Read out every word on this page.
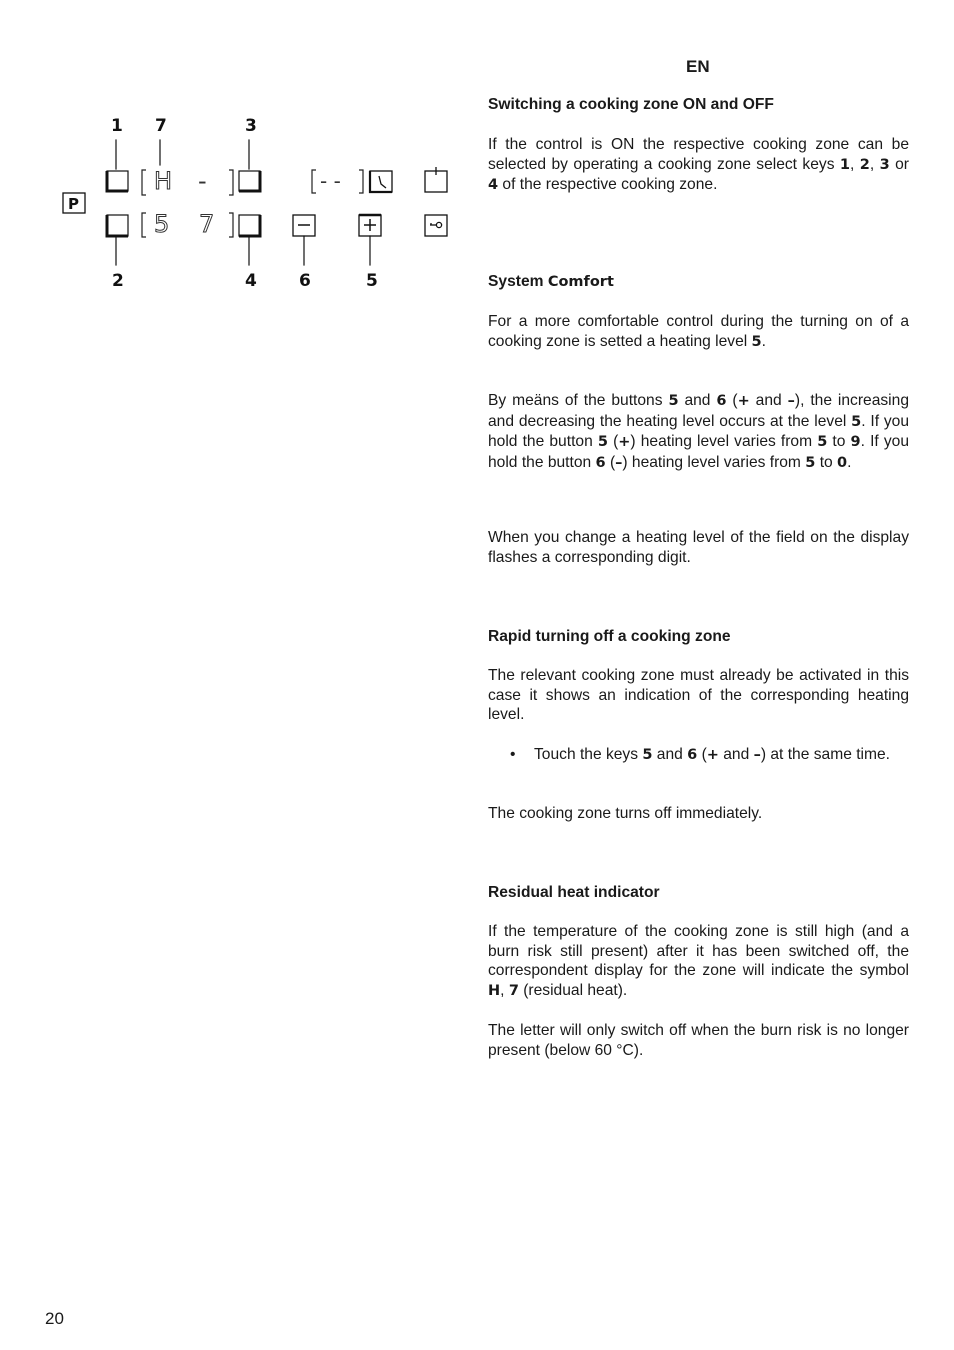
EN
H -	- -
P
5 7
1 7	3
2	4 6	5

Switching a cooking zone ON and OFF

If the control is ON the respective cooking zone can be selected by operating a cooking zone select keys 1, 2, 3 or 4 of the respective cooking zone.

System Comfort

For a more comfortable control during the turning on of a cooking zone is setted a heating level 5.

By meäns of the buttons 5 and 6 (+ and –), the increasing and decreasing the heating level occurs at the level 5. If you hold the button 5 (+) heating level varies from 5 to 9. If you hold the button 6 (–) heating level varies from 5 to 0.

When you change a heating level of the field on the display flashes a corresponding digit.

Rapid turning off a cooking zone

The relevant cooking zone must already be activated in this case it shows an indication of the corresponding heating level.

• Touch the keys 5 and 6 (+ and –) at the same time.

The cooking zone turns off immediately.

Residual heat indicator

If the temperature of the cooking zone is still high (and a burn risk still present) after it has been switched off, the correspondent display for the zone will indicate the symbol H, 7 (residual heat).

The letter will only switch off when the burn risk is no longer present (below 60 °C).

20
